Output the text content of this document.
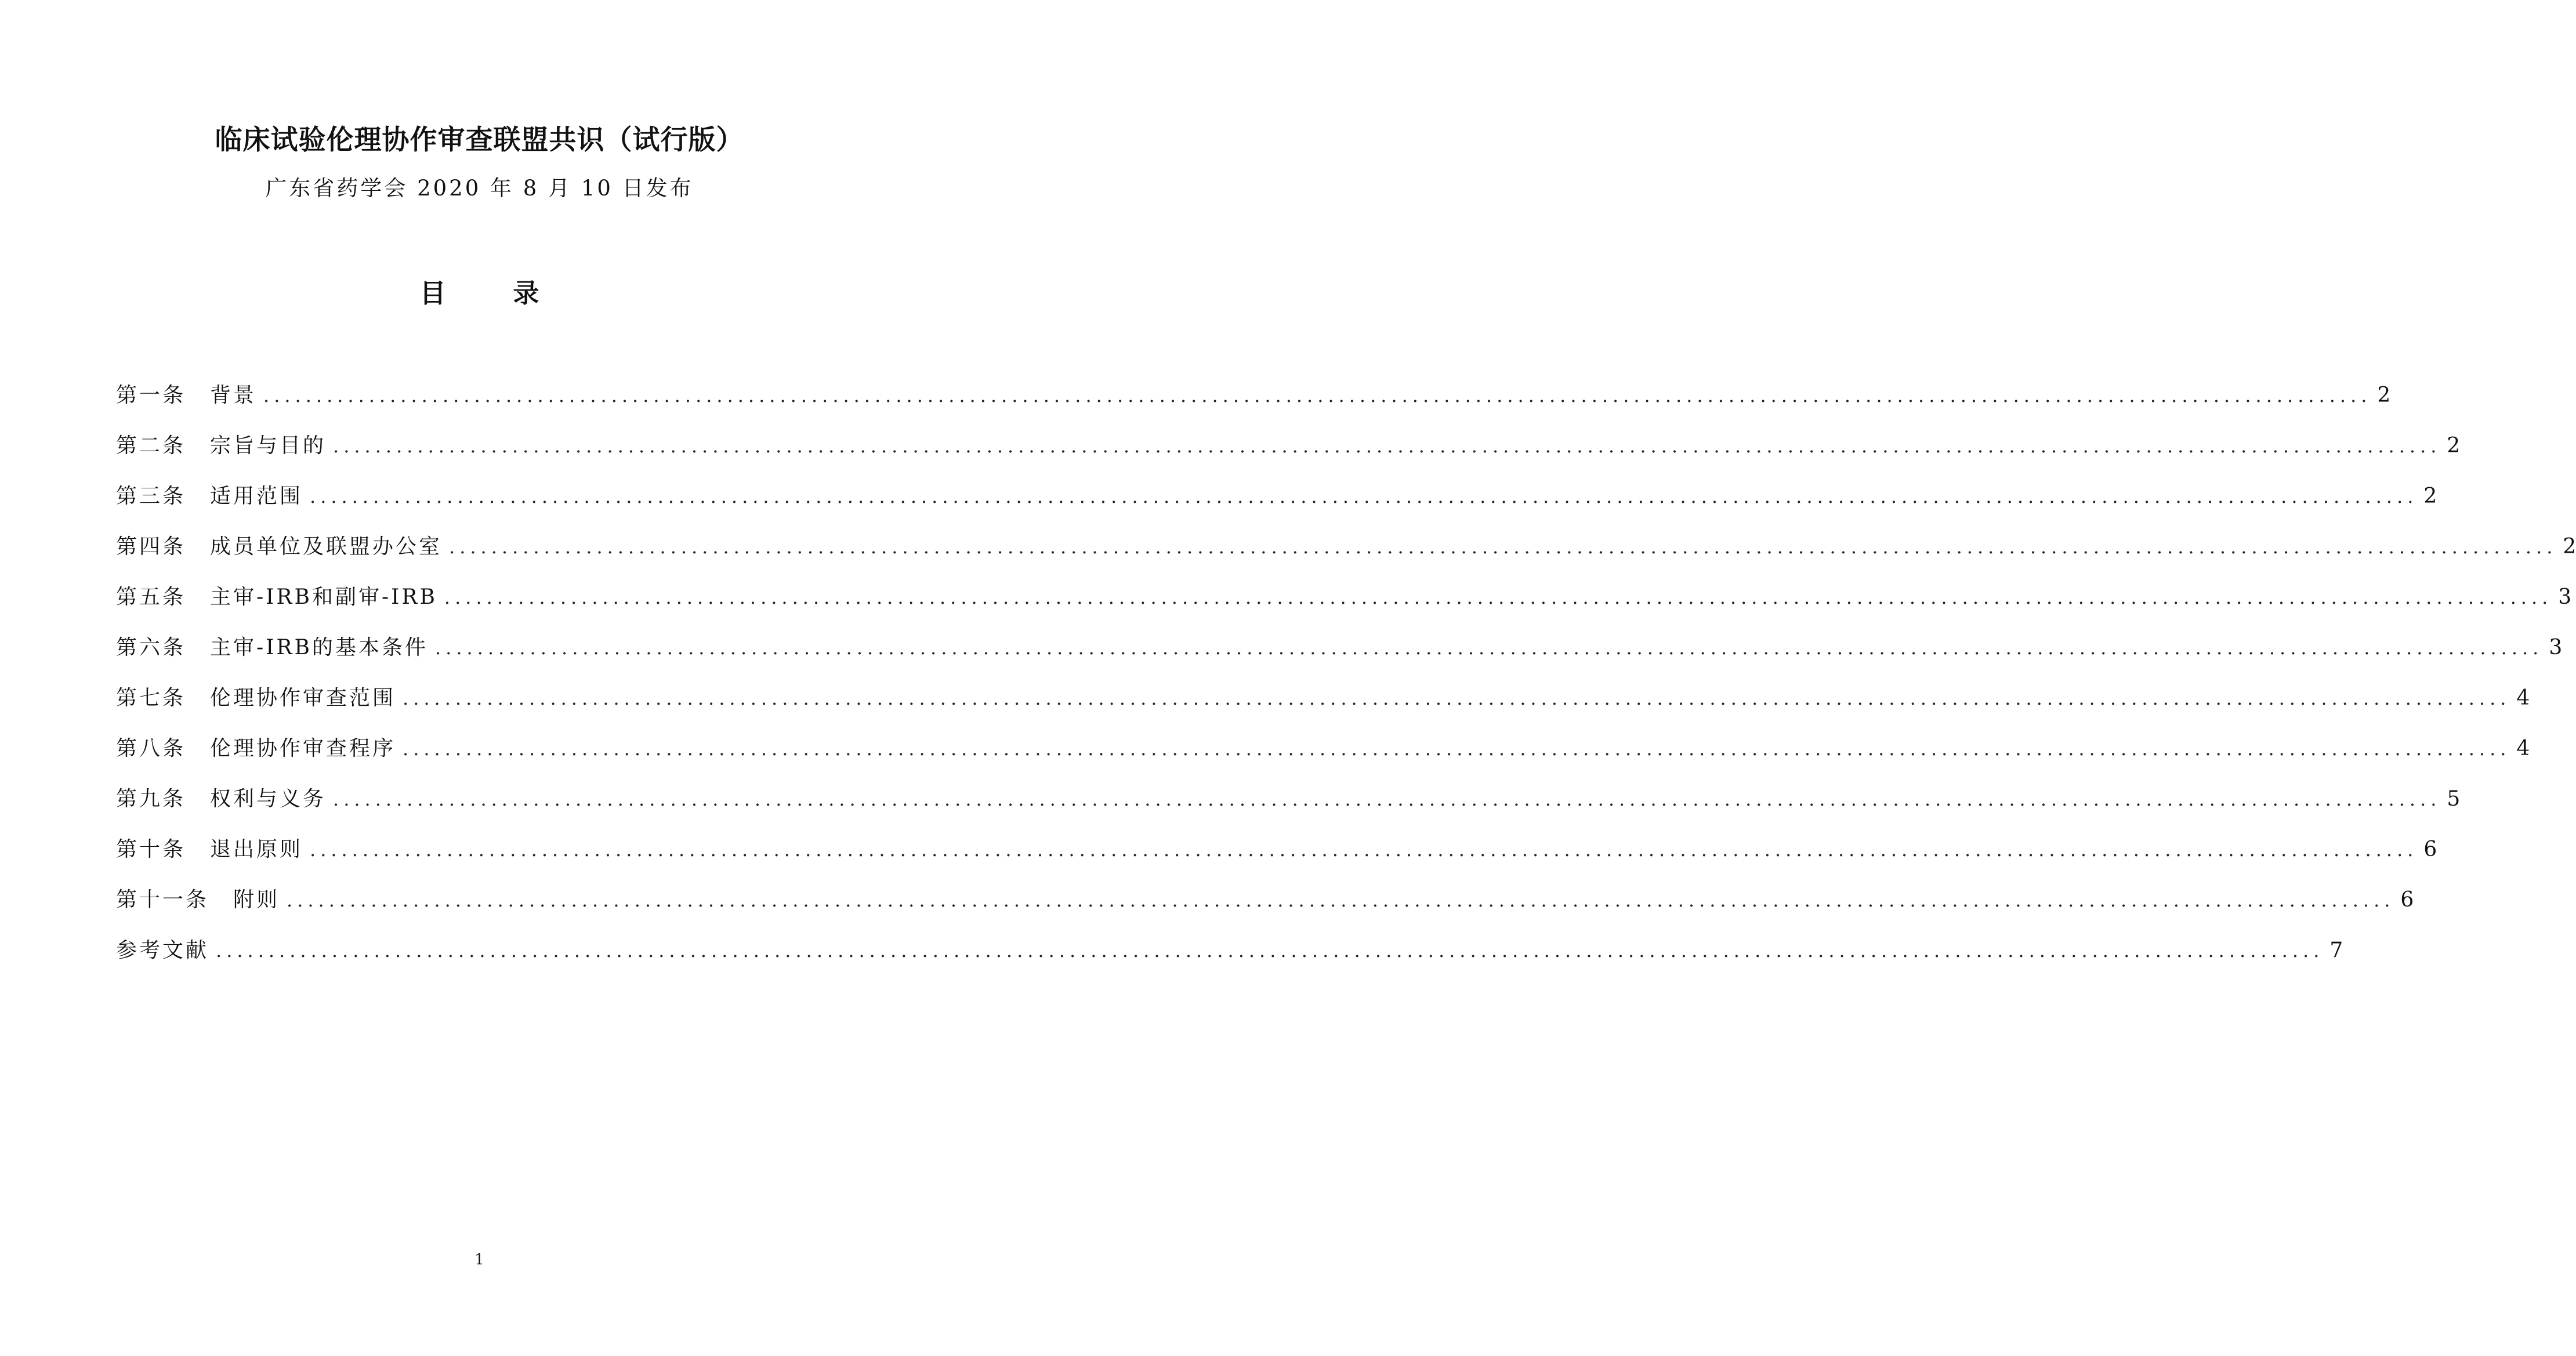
临床试验伦理协作审查联盟共识（试行版）
广东省药学会 2020 年 8 月 10 日发布
目 录
第一条 背景 ........................................................................................................................................................................................................ 2
第二条 宗旨与目的 ........................................................................................................................................................................................................ 2
第三条 适用范围 ........................................................................................................................................................................................................ 2
第四条 成员单位及联盟办公室 ........................................................................................................................................................................................................ 2
第五条 主审-IRB和副审-IRB ........................................................................................................................................................................................................ 3
第六条 主审-IRB的基本条件 ........................................................................................................................................................................................................ 3
第七条 伦理协作审查范围 ........................................................................................................................................................................................................ 4
第八条 伦理协作审查程序 ........................................................................................................................................................................................................ 4
第九条 权利与义务 ........................................................................................................................................................................................................ 5
第十条 退出原则 ........................................................................................................................................................................................................ 6
第十一条 附则 ........................................................................................................................................................................................................ 6
参考文献 ........................................................................................................................................................................................................ 7
1
